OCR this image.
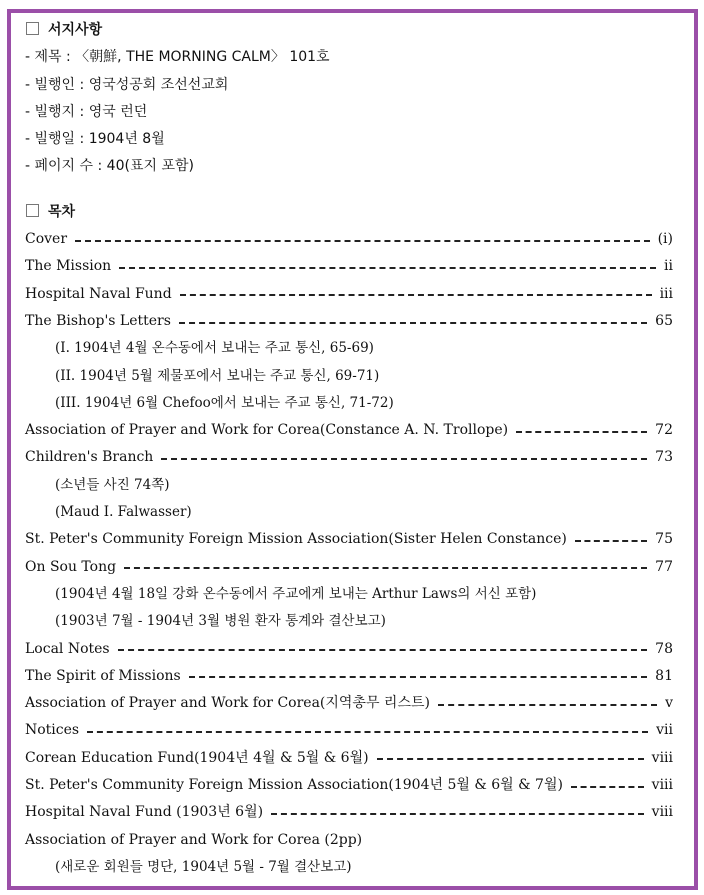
서지사항
- 제목 : 〈朝鮮, THE MORNING CALM〉 101호
- 빌행인 : 영국성공회 조선선교회
- 빌행지 : 영국 런던
- 빌행일 : 1904년 8월
- 페이지 수 : 40(표지 포함)
목차
Cover	(i)
The Mission	ii
Hospital Naval Fund	iii
The Bishop's Letters	65
(I. 1904년 4월 온수동에서 보내는 주교 통신, 65-69)
(II. 1904년 5월 제물포에서 보내는 주교 통신, 69-71)
(III. 1904년 6월 Chefoo에서 보내는 주교 통신, 71-72)
Association of Prayer and Work for Corea(Constance A. N. Trollope)	72
Children's Branch	73
(소년들 사진 74쪽)
(Maud I. Falwasser)
St. Peter's Community Foreign Mission Association(Sister Helen Constance)	75
On Sou Tong	77
(1904년 4월 18일 강화 온수동에서 주교에게 보내는 Arthur Laws의 서신 포함)
(1903년 7월 - 1904년 3월 병원 환자 통계와 결산보고)
Local Notes	78
The Spirit of Missions	81
Association of Prayer and Work for Corea(지역총무 리스트)	v
Notices	vii
Corean Education Fund(1904년 4월 & 5월 & 6월)	viii
St. Peter's Community Foreign Mission Association(1904년 5월 & 6월 & 7월)	viii
Hospital Naval Fund (1903년 6월)	viii
Association of Prayer and Work for Corea (2pp)
(새로운 회원들 명단, 1904년 5월 - 7월 결산보고)
